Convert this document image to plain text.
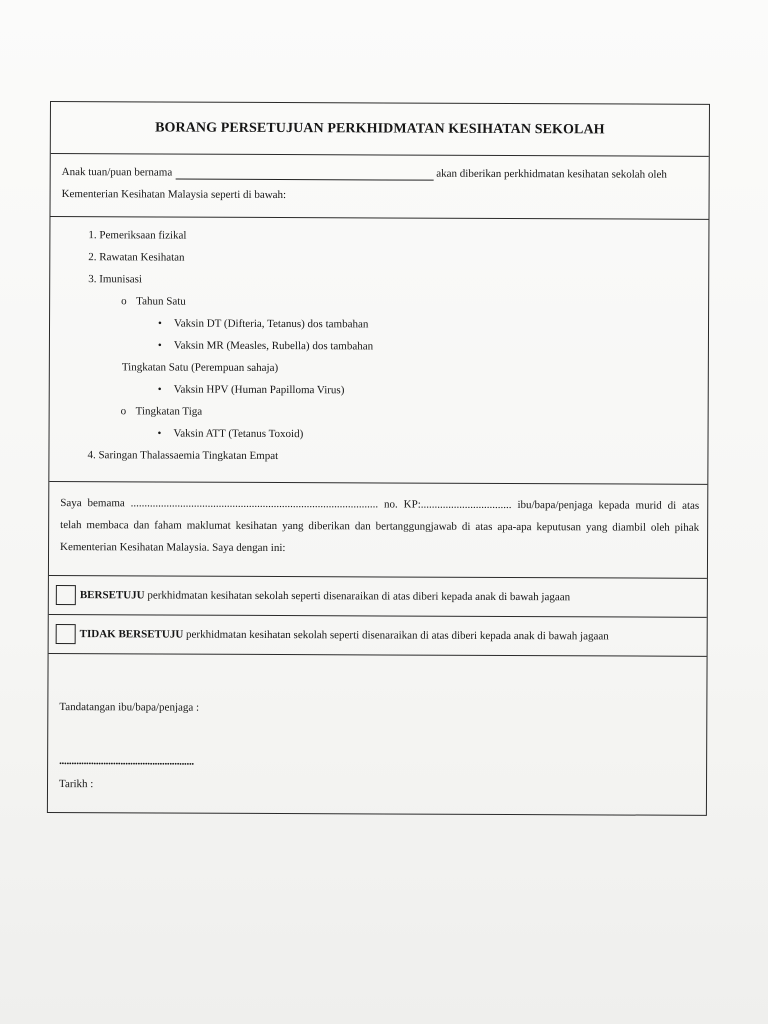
BORANG PERSETUJUAN PERKHIDMATAN KESIHATAN SEKOLAH
Anak tuan/puan bernama	akan diberikan perkhidmatan kesihatan sekolah oleh
Kementerian Kesihatan Malaysia seperti di bawah:
1. Pemeriksaan fizikal
2. Rawatan Kesihatan
3. Imunisasi
o Tahun Satu
• Vaksin DT (Difteria, Tetanus) dos tambahan
• Vaksin MR (Measles, Rubella) dos tambahan
Tingkatan Satu (Perempuan sahaja)
• Vaksin HPV (Human Papilloma Virus)
o Tingkatan Tiga
• Vaksin ATT (Tetanus Toxoid)
4. Saringan Thalassaemia Tingkatan Empat
Saya bemama .......................................................................................... no. KP:................................. ibu/bapa/penjaga kepada murid di atas
telah membaca dan faham maklumat kesihatan yang diberikan dan bertanggungjawab di atas apa-apa keputusan yang diambil oleh pihak
Kementerian Kesihatan Malaysia. Saya dengan ini:
BERSETUJU perkhidmatan kesihatan sekolah seperti disenaraikan di atas diberi kepada anak di bawah jagaan
TIDAK BERSETUJU perkhidmatan kesihatan sekolah seperti disenaraikan di atas diberi kepada anak di bawah jagaan
Tandatangan ibu/bapa/penjaga :
.......................................................
Tarikh :
